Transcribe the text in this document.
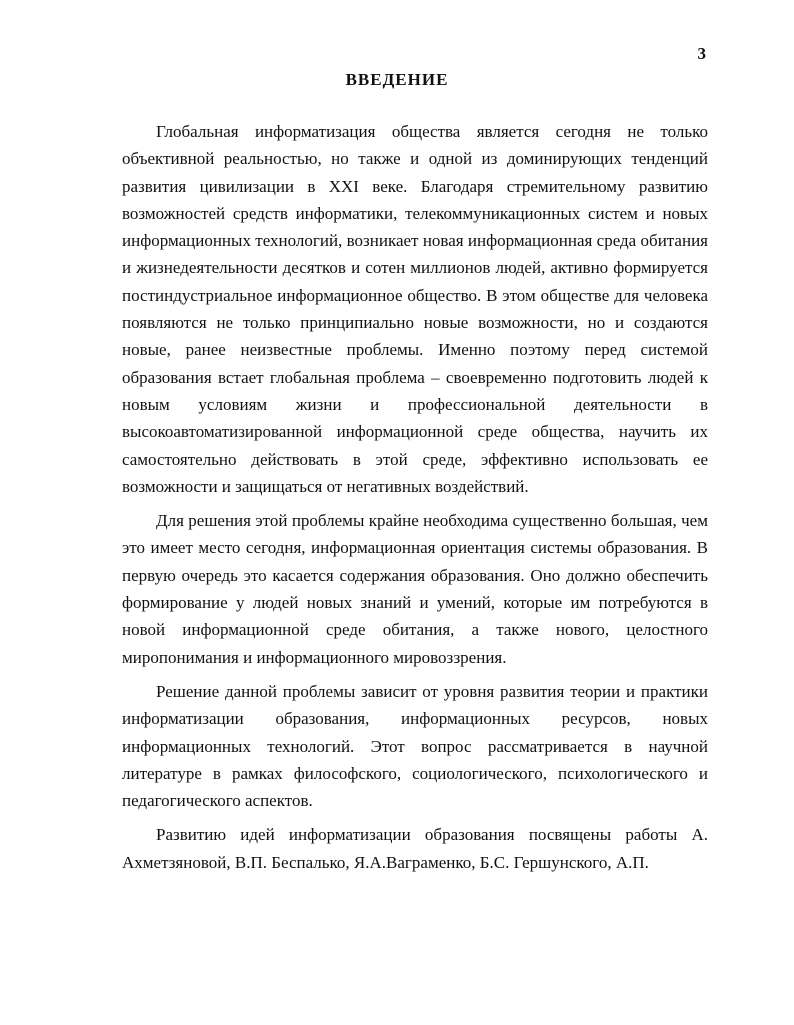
3
ВВЕДЕНИЕ

Глобальная информатизация общества является сегодня не только объективной реальностью, но также и одной из доминирующих тенденций развития цивилизации в XXI веке. Благодаря стремительному развитию возможностей средств информатики, телекоммуникационных систем и новых информационных технологий, возникает новая информационная среда обитания и жизнедеятельности десятков и сотен миллионов людей, активно формируется постиндустриальное информационное общество. В этом обществе для человека появляются не только принципиально новые возможности, но и создаются новые, ранее неизвестные проблемы. Именно поэтому перед системой образования встает глобальная проблема – своевременно подготовить людей к новым условиям жизни и профессиональной деятельности в высокоавтоматизированной информационной среде общества, научить их самостоятельно действовать в этой среде, эффективно использовать ее возможности и защищаться от негативных воздействий.

Для решения этой проблемы крайне необходима существенно большая, чем это имеет место сегодня, информационная ориентация системы образования. В первую очередь это касается содержания образования. Оно должно обеспечить формирование у людей новых знаний и умений, которые им потребуются в новой информационной среде обитания, а также нового, целостного миропонимания и информационного мировоззрения.

Решение данной проблемы зависит от уровня развития теории и практики информатизации образования, информационных ресурсов, новых информационных технологий. Этот вопрос рассматривается в научной литературе в рамках философского, социологического, психологического и педагогического аспектов.

Развитию идей информатизации образования посвящены работы А. Ахметзяновой, В.П. Беспалько, Я.А.Ваграменко, Б.С. Гершунского, А.П.
